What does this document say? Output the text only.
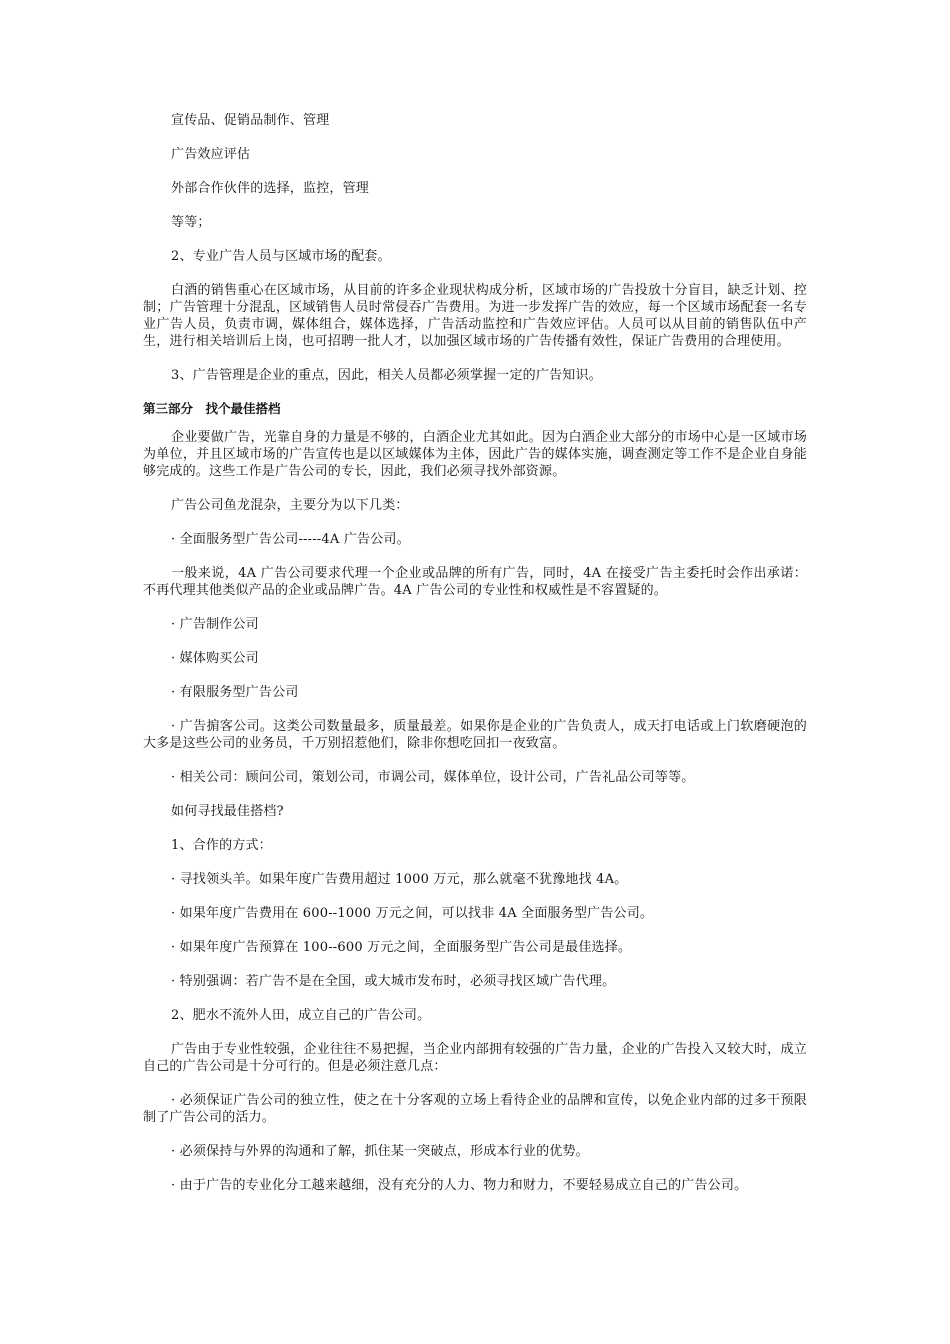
宣传品、促销品制作、管理

广告效应评估

外部合作伙伴的选择，监控，管理

等等；

2、专业广告人员与区域市场的配套。

白酒的销售重心在区域市场，从目前的许多企业现状构成分析，区域市场的广告投放十分盲目，缺乏计划、控制；广告管理十分混乱，区域销售人员时常侵吞广告费用。为进一步发挥广告的效应，每一个区域市场配套一名专业广告人员，负责市调，媒体组合，媒体选择，广告活动监控和广告效应评估。人员可以从目前的销售队伍中产生，进行相关培训后上岗，也可招聘一批人才，以加强区域市场的广告传播有效性，保证广告费用的合理使用。

3、广告管理是企业的重点，因此，相关人员都必须掌握一定的广告知识。

第三部分　找个最佳搭档

企业要做广告，光靠自身的力量是不够的，白酒企业尤其如此。因为白酒企业大部分的市场中心是一区域市场为单位，并且区域市场的广告宣传也是以区域媒体为主体，因此广告的媒体实施，调查测定等工作不是企业自身能够完成的。这些工作是广告公司的专长，因此，我们必须寻找外部资源。

广告公司鱼龙混杂，主要分为以下几类：

· 全面服务型广告公司-----4A 广告公司。

一般来说，4A 广告公司要求代理一个企业或品牌的所有广告，同时，4A 在接受广告主委托时会作出承诺：不再代理其他类似产品的企业或品牌广告。4A 广告公司的专业性和权威性是不容置疑的。

· 广告制作公司

· 媒体购买公司

· 有限服务型广告公司

· 广告掮客公司。这类公司数量最多，质量最差。如果你是企业的广告负责人，成天打电话或上门软磨硬泡的大多是这些公司的业务员，千万别招惹他们，除非你想吃回扣一夜致富。

· 相关公司：顾问公司，策划公司，市调公司，媒体单位，设计公司，广告礼品公司等等。

如何寻找最佳搭档?

1、合作的方式：

· 寻找领头羊。如果年度广告费用超过 1000 万元，那么就毫不犹豫地找 4A。

· 如果年度广告费用在 600--1000 万元之间，可以找非 4A 全面服务型广告公司。

· 如果年度广告预算在 100--600 万元之间，全面服务型广告公司是最佳选择。

· 特别强调：若广告不是在全国，或大城市发布时，必须寻找区域广告代理。

2、肥水不流外人田，成立自己的广告公司。

广告由于专业性较强，企业往往不易把握，当企业内部拥有较强的广告力量，企业的广告投入又较大时，成立自己的广告公司是十分可行的。但是必须注意几点：

· 必须保证广告公司的独立性，使之在十分客观的立场上看待企业的品牌和宣传，以免企业内部的过多干预限制了广告公司的活力。

· 必须保持与外界的沟通和了解，抓住某一突破点，形成本行业的优势。

· 由于广告的专业化分工越来越细，没有充分的人力、物力和财力，不要轻易成立自己的广告公司。
